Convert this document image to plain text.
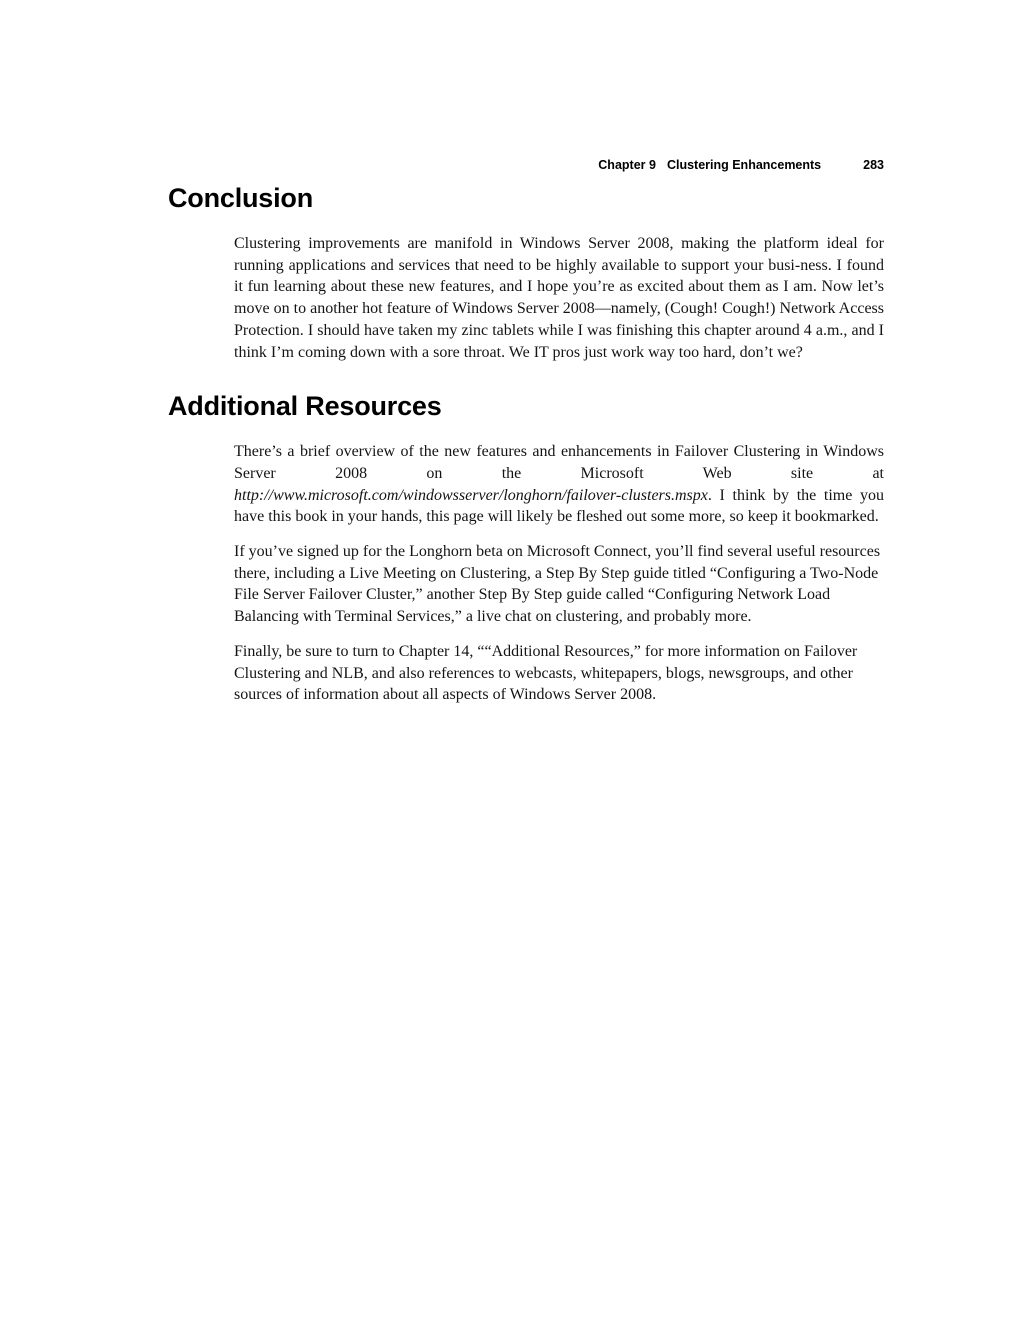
Chapter 9 Clustering Enhancements	283
Conclusion

Clustering improvements are manifold in Windows Server 2008, making the platform ideal for running applications and services that need to be highly available to support your busi-ness. I found it fun learning about these new features, and I hope you’re as excited about them as I am. Now let’s move on to another hot feature of Windows Server 2008—namely, (Cough! Cough!) Network Access Protection. I should have taken my zinc tablets while I was finishing this chapter around 4 a.m., and I think I’m coming down with a sore throat. We IT pros just work way too hard, don’t we?

Additional Resources

There’s a brief overview of the new features and enhancements in Failover Clustering in Windows Server 2008 on the Microsoft Web site at http://www.microsoft.com/windowsserver/longhorn/failover-clusters.mspx. I think by the time you have this book in your hands, this page will likely be fleshed out some more, so keep it bookmarked.

If you’ve signed up for the Longhorn beta on Microsoft Connect, you’ll find several useful resources there, including a Live Meeting on Clustering, a Step By Step guide titled “Configuring a Two-Node File Server Failover Cluster,” another Step By Step guide called “Configuring Network Load Balancing with Terminal Services,” a live chat on clustering, and probably more.

Finally, be sure to turn to Chapter 14, ““Additional Resources,” for more information on Failover Clustering and NLB, and also references to webcasts, whitepapers, blogs, newsgroups, and other sources of information about all aspects of Windows Server 2008.
